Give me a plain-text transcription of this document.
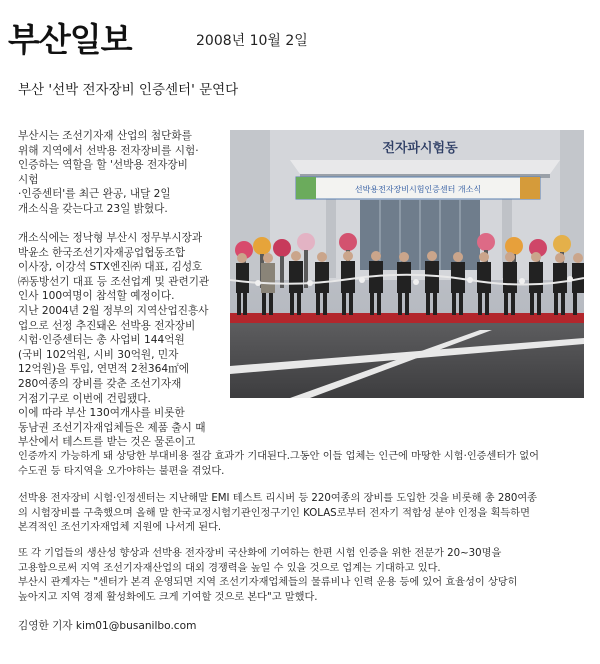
부산일보	2008년 10월 2일
부산 '선박 전자장비 인증센터' 문연다
부산시는 조선기자재 산업의 첨단화를
위해 지역에서 선박용 전자장비를 시험·
인증하는 역할을 할 '선박용 전자장비
시험
·인증센터'를 최근 완공, 내달 2일
개소식을 갖는다고 23일 밝혔다.
개소식에는 정낙형 부산시 정무부시장과
박윤소 한국조선기자재공업협동조합
이사장, 이강석 STX엔진㈜ 대표, 김성호
㈜동방선기 대표 등 조선업계 및 관련기관
인사 100여명이 참석할 예정이다.
지난 2004년 2월 정부의 지역산업진흥사
업으로 선정 추진돼온 선박용 전자장비
시험·인증센터는 총 사업비 144억원
(국비 102억원, 시비 30억원, 민자
12억원)을 투입, 연면적 2천364㎡에
280여종의 장비를 갖춘 조선기자재
거점기구로 이번에 건립됐다.
이에 따라 부산 130여개사를 비롯한
동남권 조선기자재업체들은 제품 출시 때
부산에서 테스트를 받는 것은 물론이고
인증까지 가능하게 돼 상당한 부대비용 절감 효과가 기대된다.그동안 이들 업체는 인근에 마땅한 시험·인증센터가 없어
수도권 등 타지역을 오가야하는 불편을 겪었다.
선박용 전자장비 시험·인정센터는 지난해말 EMI 테스트 리시버 등 220여종의 장비를 도입한 것을 비롯해 총 280여종
의 시험장비를 구축했으며 올해 말 한국교정시험기관인정구기인 KOLAS로부터 전자기 적합성 분야 인정을 획득하면
본격적인 조선기자재업체 지원에 나서게 된다.
또 각 기업들의 생산성 향상과 선박용 전자장비 국산화에 기여하는 한편 시험 인증을 위한 전문가 20~30명을
고용함으로써 지역 조선기자재산업의 대외 경쟁력을 높일 수 있을 것으로 업계는 기대하고 있다.
부산시 관계자는 "센터가 본격 운영되면 지역 조선기자재업체들의 물류비나 인력 운용 등에 있어 효율성이 상당히
높아지고 지역 경제 활성화에도 크게 기여할 것으로 본다"고 말했다.
김영한 기자 kim01@busanilbo.com
선박용전자장비시험인증센터 개소식
전자파시험동
